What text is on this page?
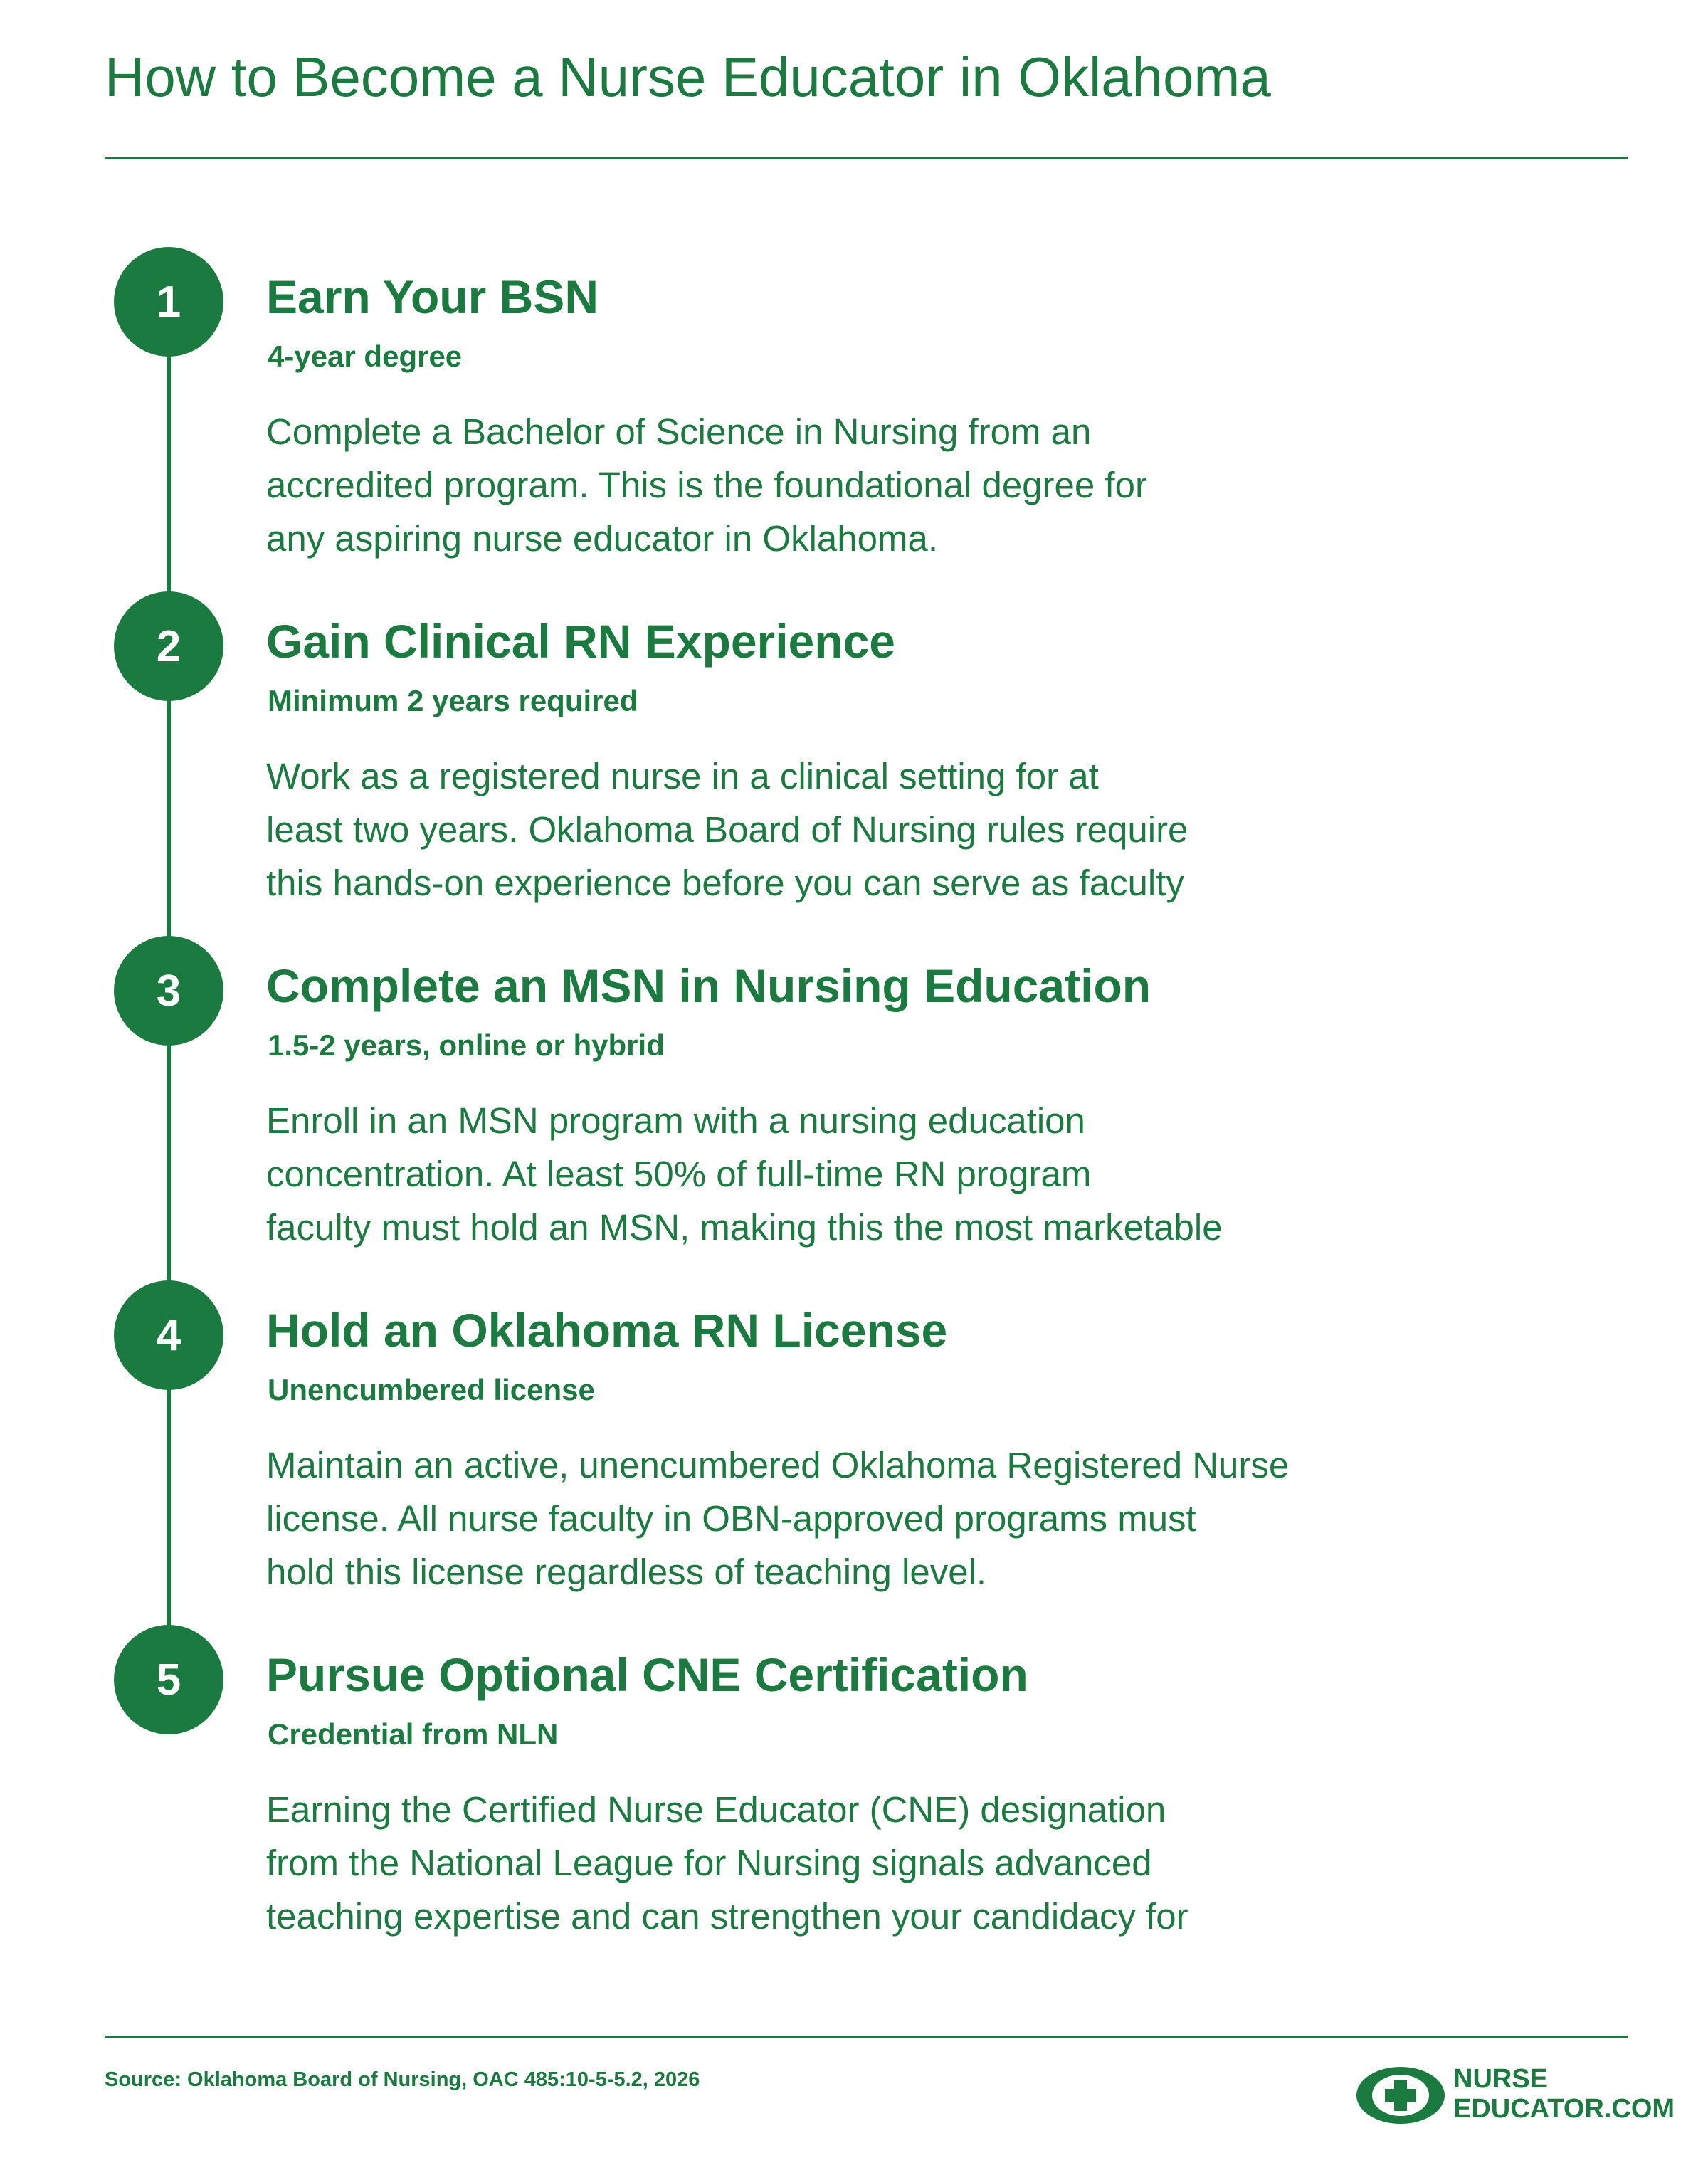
How to Become a Nurse Educator in Oklahoma
1	Earn Your BSN
4-year degree

Complete a Bachelor of Science in Nursing from an
accredited program. This is the foundational degree for
any aspiring nurse educator in Oklahoma.

2	Gain Clinical RN Experience
Minimum 2 years required

Work as a registered nurse in a clinical setting for at
least two years. Oklahoma Board of Nursing rules require
this hands-on experience before you can serve as faculty

3	Complete an MSN in Nursing Education
1.5-2 years, online or hybrid

Enroll in an MSN program with a nursing education
concentration. At least 50% of full-time RN program
faculty must hold an MSN, making this the most marketable

4	Hold an Oklahoma RN License
Unencumbered license

Maintain an active, unencumbered Oklahoma Registered Nurse
license. All nurse faculty in OBN-approved programs must
hold this license regardless of teaching level.

5	Pursue Optional CNE Certification
Credential from NLN

Earning the Certified Nurse Educator (CNE) designation
from the National League for Nursing signals advanced
teaching expertise and can strengthen your candidacy for

Source: Oklahoma Board of Nursing, OAC 485:10-5-5.2, 2026	NURSE
EDUCATOR.COM
